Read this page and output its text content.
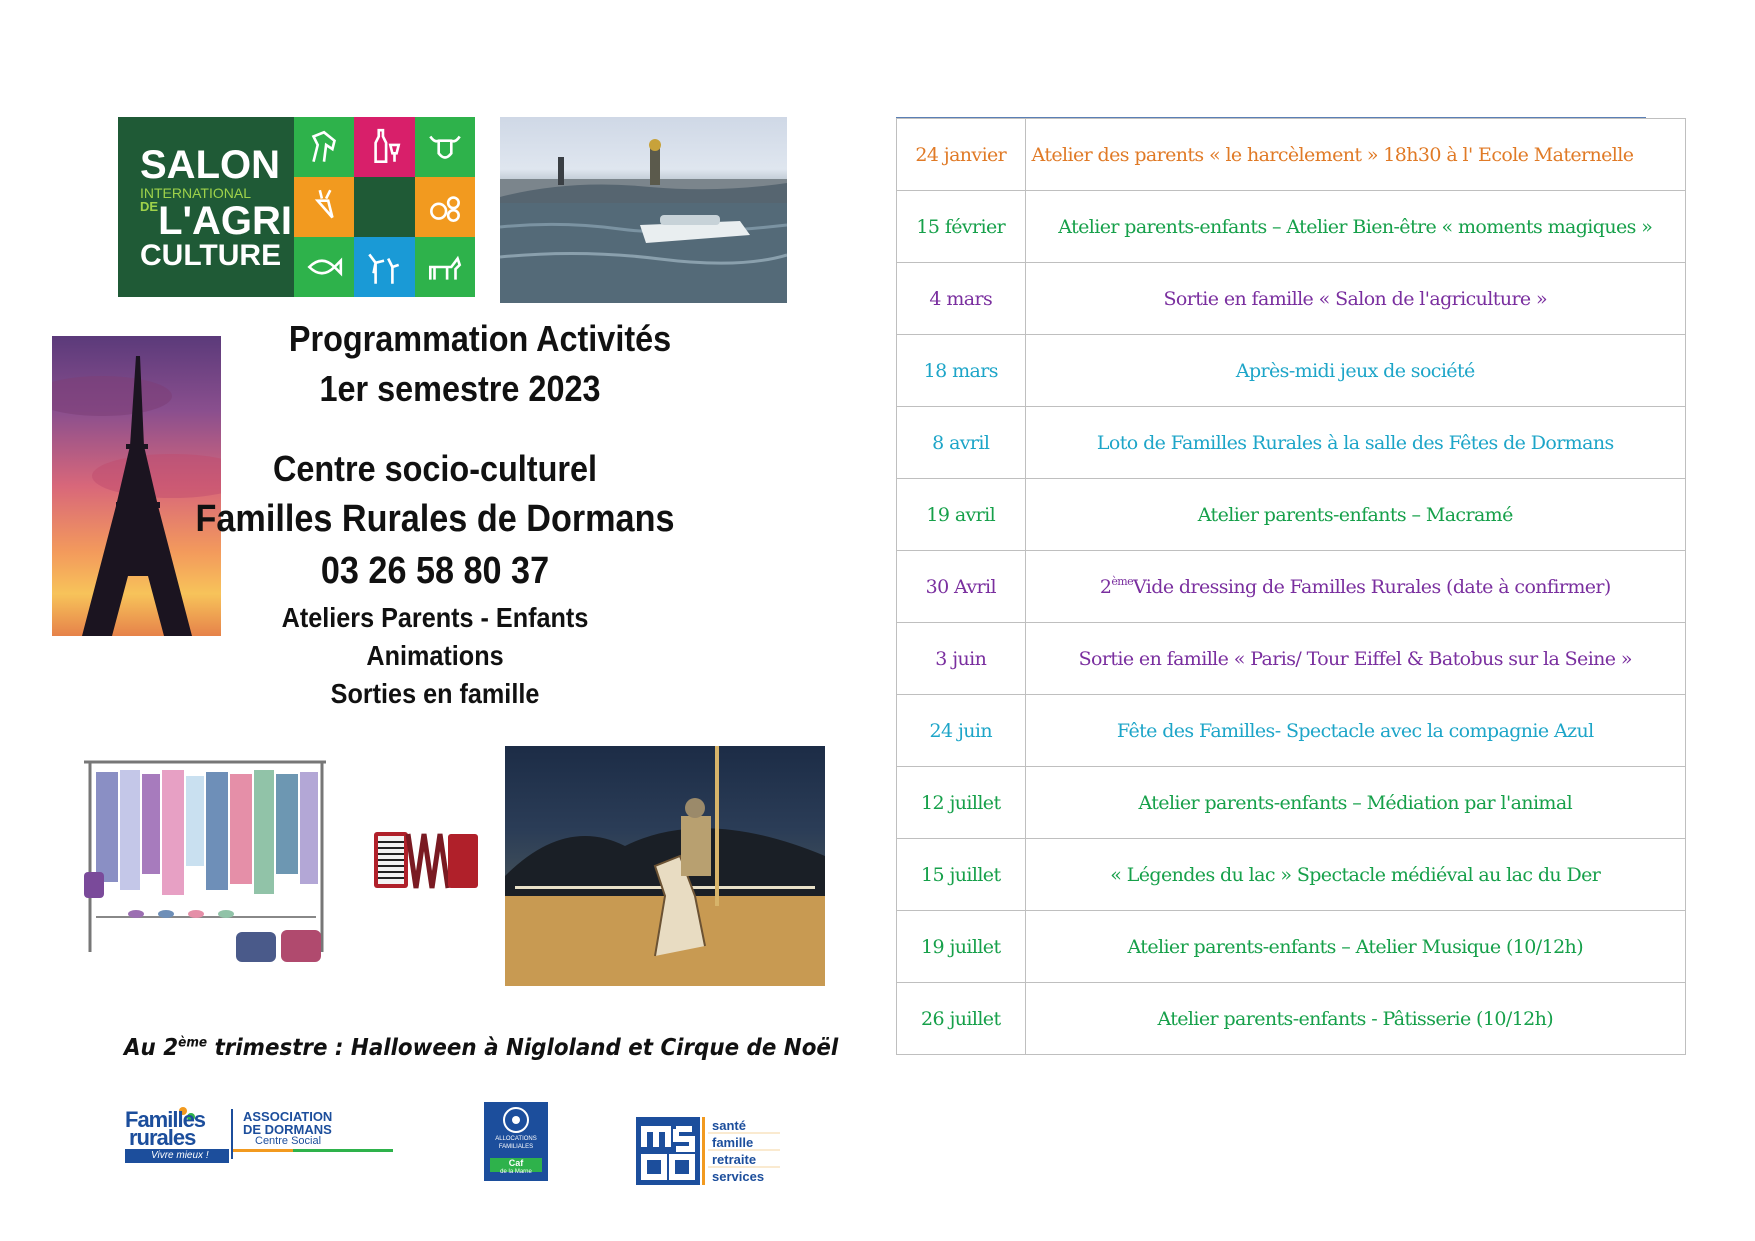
SALON
INTERNATIONAL
$^{DE}$L'AGRI
CULTURE
Programmation Activités
1er semestre 2023
Centre socio-culturel
Familles Rurales de Dormans
03 26 58 80 37
Ateliers Parents - Enfants
Animations
Sorties en famille
Au 2ème trimestre : Halloween à Nigloland et Cirque de Noël
Familles
rurales
Vivre mieux !
ASSOCIATION
DE DORMANS
Centre Social	ALLOCATIONS
FAMILIALES
Caf
de la Marne
santé
famille
retraite
services
24 janvier	Atelier des parents « le harcèlement » 18h30 à l' Ecole Maternelle
15 février	Atelier parents-enfants – Atelier Bien-être « moments magiques »
4 mars	Sortie en famille « Salon de l'agriculture »
18 mars	Après-midi jeux de société
8 avril	Loto de Familles Rurales à la salle des Fêtes de Dormans
19 avril	Atelier parents-enfants – Macramé
30 Avril	2èmeVide dressing de Familles Rurales (date à confirmer)
3 juin	Sortie en famille « Paris/ Tour Eiffel & Batobus sur la Seine »
24 juin	Fête des Familles- Spectacle avec la compagnie Azul
12 juillet	Atelier parents-enfants – Médiation par l'animal
15 juillet	« Légendes du lac » Spectacle médiéval au lac du Der
19 juillet	Atelier parents-enfants – Atelier Musique (10/12h)
26 juillet	Atelier parents-enfants - Pâtisserie (10/12h)
